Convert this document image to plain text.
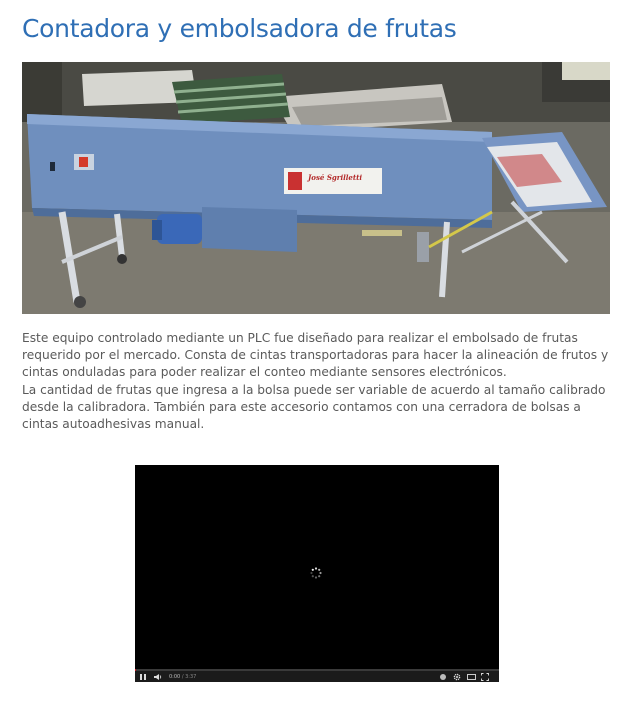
Contadora y embolsadora de frutas
José Sgrilletti

Este equipo controlado mediante un PLC fue diseñado para realizar el embolsado de frutas requerido por el mercado. Consta de cintas transportadoras para hacer la alineación de frutos y cintas onduladas para poder realizar el conteo mediante sensores electrónicos.

La cantidad de frutas que ingresa a la bolsa puede ser variable de acuerdo al tamaño calibrado desde la calibradora. También para este accesorio contamos con una cerradora de bolsas a cintas autoadhesivas manual.

0:00 / 3:37
